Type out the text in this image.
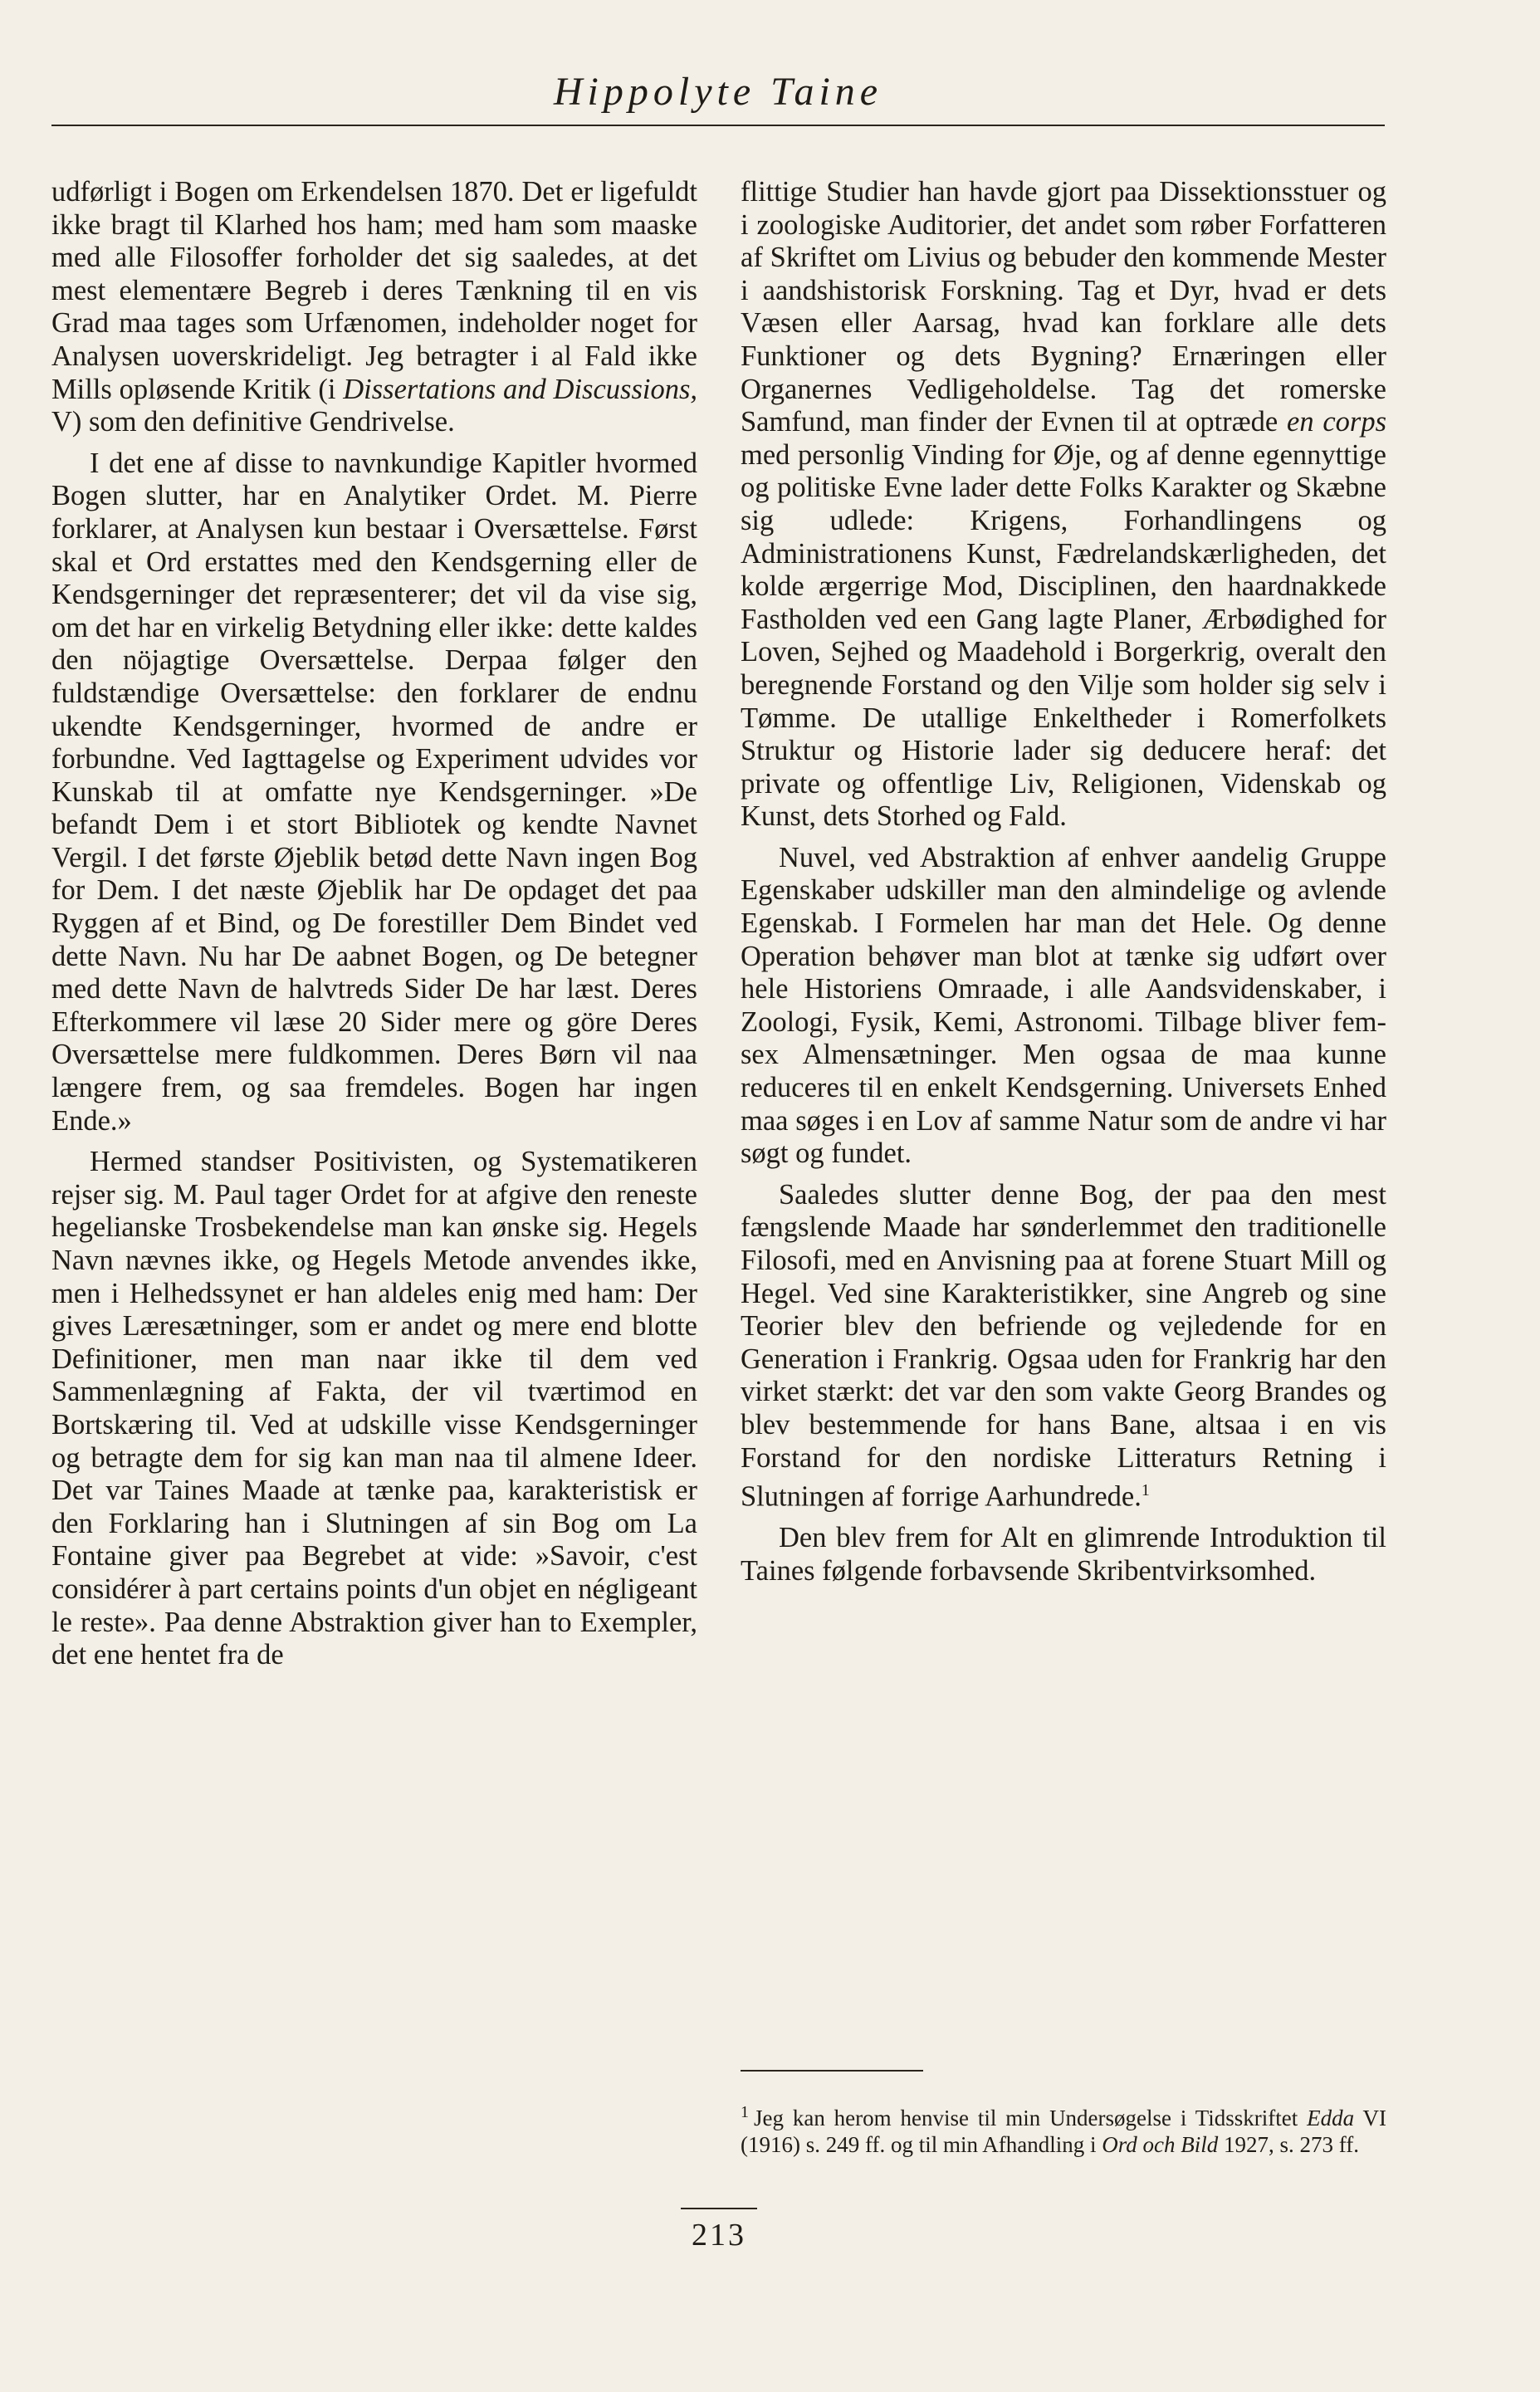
Hippolyte Taine

udførligt i Bogen om Erkendelsen 1870. Det er ligefuldt ikke bragt til Klarhed hos ham; med ham som maaske med alle Filosoffer forholder det sig saaledes, at det mest elementære Begreb i deres Tænkning til en vis Grad maa tages som Urfænomen, indeholder noget for Analysen uoverskrideligt. Jeg betragter i al Fald ikke Mills opløsende Kritik (i Dissertations and Discussions, V) som den definitive Gendrivelse.

I det ene af disse to navnkundige Kapitler hvormed Bogen slutter, har en Analytiker Ordet. M. Pierre forklarer, at Analysen kun bestaar i Oversættelse. Først skal et Ord erstattes med den Kendsgerning eller de Kendsgerninger det repræsenterer; det vil da vise sig, om det har en virkelig Betydning eller ikke: dette kaldes den nöjagtige Oversættelse. Derpaa følger den fuldstændige Oversættelse: den forklarer de endnu ukendte Kendsgerninger, hvormed de andre er forbundne. Ved Iagttagelse og Experiment udvides vor Kunskab til at omfatte nye Kendsgerninger. »De befandt Dem i et stort Bibliotek og kendte Navnet Vergil. I det første Øjeblik betød dette Navn ingen Bog for Dem. I det næste Øjeblik har De opdaget det paa Ryggen af et Bind, og De forestiller Dem Bindet ved dette Navn. Nu har De aabnet Bogen, og De betegner med dette Navn de halvtreds Sider De har læst. Deres Efterkommere vil læse 20 Sider mere og göre Deres Oversættelse mere fuldkommen. Deres Børn vil naa længere frem, og saa fremdeles. Bogen har ingen Ende.»

Hermed standser Positivisten, og Systematikeren rejser sig. M. Paul tager Ordet for at afgive den reneste hegelianske Trosbekendelse man kan ønske sig. Hegels Navn nævnes ikke, og Hegels Metode anvendes ikke, men i Helhedssynet er han aldeles enig med ham: Der gives Læresætninger, som er andet og mere end blotte Definitioner, men man naar ikke til dem ved Sammenlægning af Fakta, der vil tværtimod en Bortskæring til. Ved at udskille visse Kendsgerninger og betragte dem for sig kan man naa til almene Ideer. Det var Taines Maade at tænke paa, karakteristisk er den Forklaring han i Slutningen af sin Bog om La Fontaine giver paa Begrebet at vide: »Savoir, c'est considérer à part certains points d'un objet en négligeant le reste». Paa denne Abstraktion giver han to Exempler, det ene hentet fra de

flittige Studier han havde gjort paa Dissektionsstuer og i zoologiske Auditorier, det andet som røber Forfatteren af Skriftet om Livius og bebuder den kommende Mester i aandshistorisk Forskning. Tag et Dyr, hvad er dets Væsen eller Aarsag, hvad kan forklare alle dets Funktioner og dets Bygning? Ernæringen eller Organernes Vedligeholdelse. Tag det romerske Samfund, man finder der Evnen til at optræde en corps med personlig Vinding for Øje, og af denne egennyttige og politiske Evne lader dette Folks Karakter og Skæbne sig udlede: Krigens, Forhandlingens og Administrationens Kunst, Fædrelandskærligheden, det kolde ærgerrige Mod, Disciplinen, den haardnakkede Fastholden ved een Gang lagte Planer, Ærbødighed for Loven, Sejhed og Maadehold i Borgerkrig, overalt den beregnende Forstand og den Vilje som holder sig selv i Tømme. De utallige Enkeltheder i Romerfolkets Struktur og Historie lader sig deducere heraf: det private og offentlige Liv, Religionen, Videnskab og Kunst, dets Storhed og Fald.

Nuvel, ved Abstraktion af enhver aandelig Gruppe Egenskaber udskiller man den almindelige og avlende Egenskab. I Formelen har man det Hele. Og denne Operation behøver man blot at tænke sig udført over hele Historiens Omraade, i alle Aandsvidenskaber, i Zoologi, Fysik, Kemi, Astronomi. Tilbage bliver fem-sex Almensætninger. Men ogsaa de maa kunne reduceres til en enkelt Kendsgerning. Universets Enhed maa søges i en Lov af samme Natur som de andre vi har søgt og fundet.

Saaledes slutter denne Bog, der paa den mest fængslende Maade har sønderlemmet den traditionelle Filosofi, med en Anvisning paa at forene Stuart Mill og Hegel. Ved sine Karakteristikker, sine Angreb og sine Teorier blev den befriende og vejledende for en Generation i Frankrig. Ogsaa uden for Frankrig har den virket stærkt: det var den som vakte Georg Brandes og blev bestemmende for hans Bane, altsaa i en vis Forstand for den nordiske Litteraturs Retning i Slutningen af forrige Aarhundrede.$^1$

Den blev frem for Alt en glimrende Introduktion til Taines følgende forbavsende Skribentvirksomhed.

$^1$ Jeg kan herom henvise til min Undersøgelse i Tidsskriftet Edda VI (1916) s. 249 ff. og til min Afhandling i Ord och Bild 1927, s. 273 ff.
213
